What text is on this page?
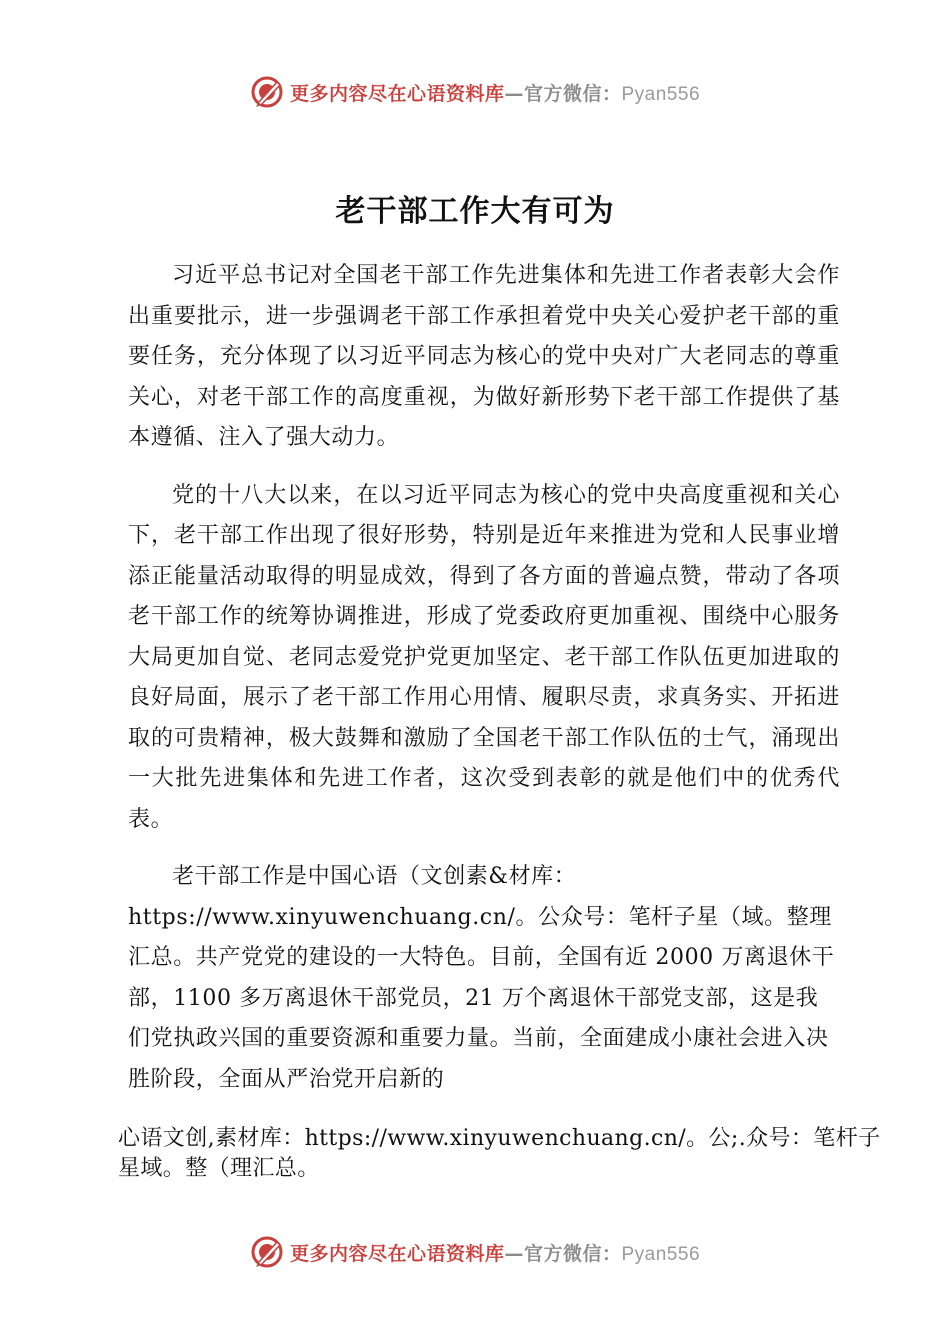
更多内容尽在心语资料库—官方微信：Pyan556
老干部工作大有可为

习近平总书记对全国老干部工作先进集体和先进工作者表彰大会作出重要批示，进一步强调老干部工作承担着党中央关心爱护老干部的重要任务，充分体现了以习近平同志为核心的党中央对广大老同志的尊重关心，对老干部工作的高度重视，为做好新形势下老干部工作提供了基本遵循、注入了强大动力。

党的十八大以来，在以习近平同志为核心的党中央高度重视和关心下，老干部工作出现了很好形势，特别是近年来推进为党和人民事业增添正能量活动取得的明显成效，得到了各方面的普遍点赞，带动了各项老干部工作的统筹协调推进，形成了党委政府更加重视、围绕中心服务大局更加自觉、老同志爱党护党更加坚定、老干部工作队伍更加进取的良好局面，展示了老干部工作用心用情、履职尽责，求真务实、开拓进取的可贵精神，极大鼓舞和激励了全国老干部工作队伍的士气，涌现出一大批先进集体和先进工作者，这次受到表彰的就是他们中的优秀代表。

老干部工作是中国心语（文创素&材库：https://www.xinyuwenchuang.cn/。公众号：笔杆子星（域。整理汇总。共产党党的建设的一大特色。目前，全国有近 2000 万离退休干部，1100 多万离退休干部党员，21 万个离退休干部党支部，这是我们党执政兴国的重要资源和重要力量。当前，全面建成小康社会进入决胜阶段，全面从严治党开启新的

心语文创,素材库：https://www.xinyuwenchuang.cn/。公;.众号：笔杆子星域。整（理汇总。
更多内容尽在心语资料库—官方微信：Pyan556
